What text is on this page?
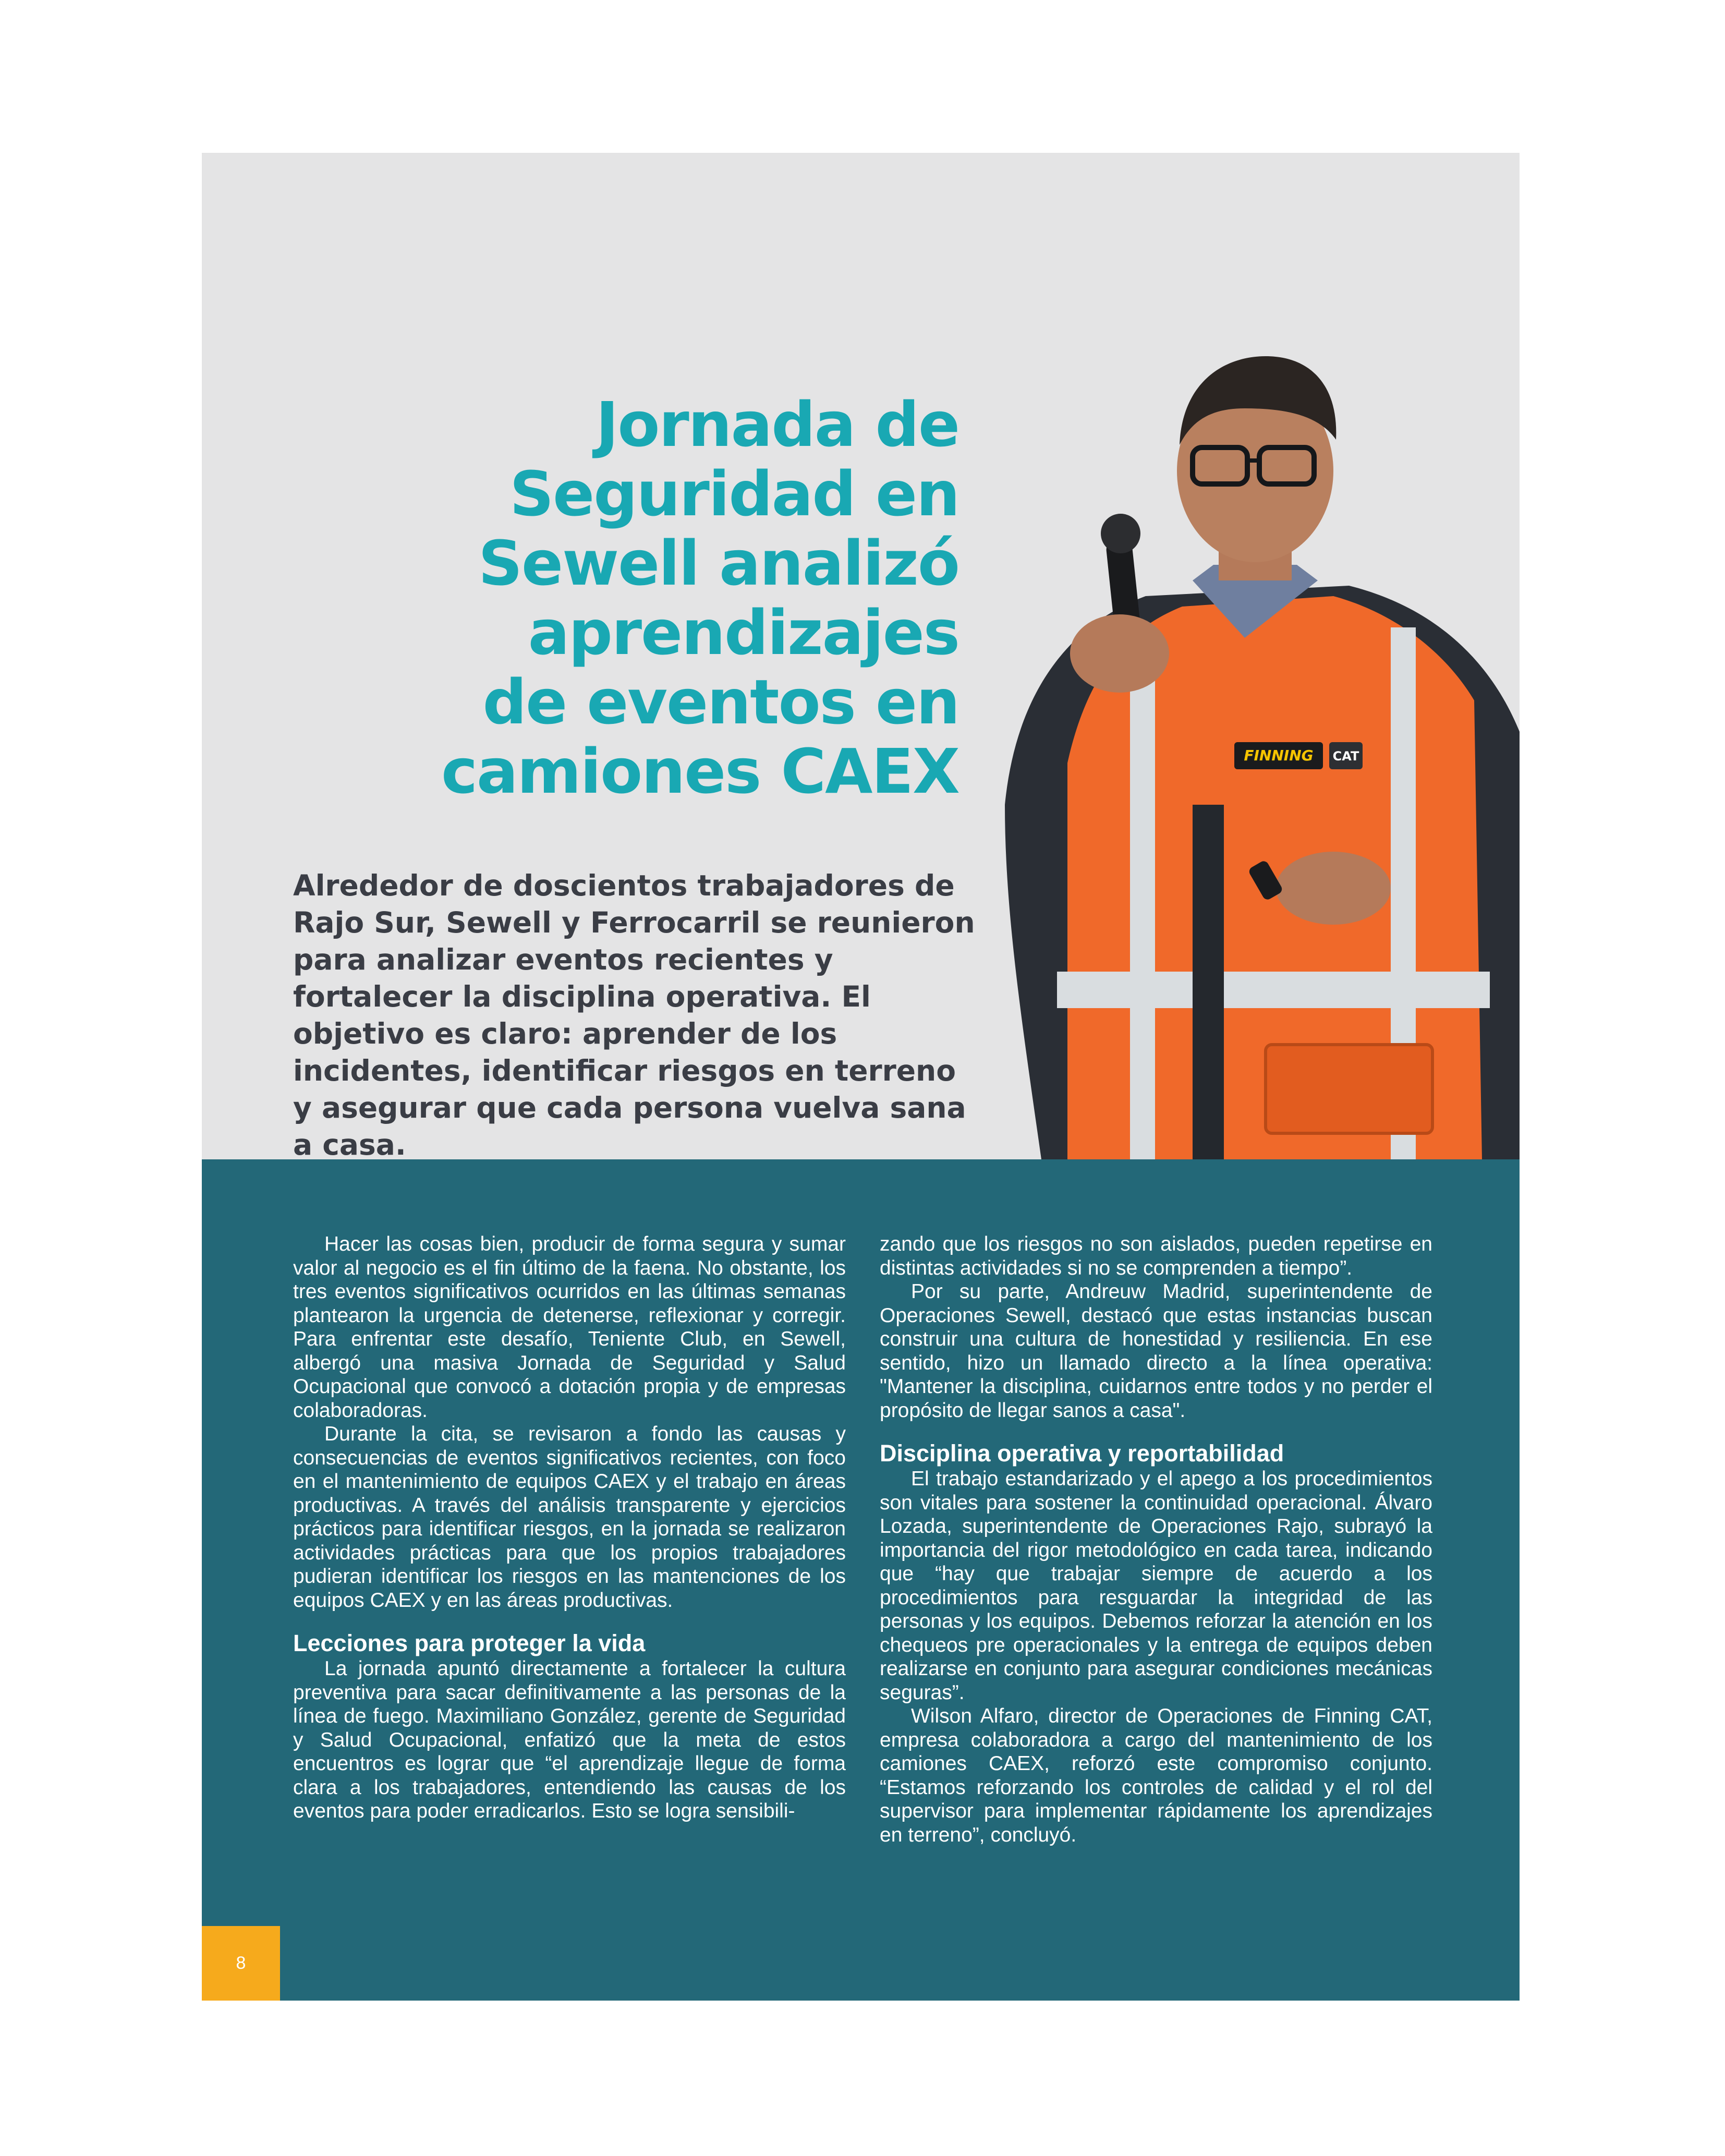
Jornada de
Seguridad en
Sewell analizó
aprendizajes
de eventos en
camiones CAEX

Alrededor de doscientos trabajadores de Rajo Sur, Sewell y Ferrocarril se reunieron para analizar eventos recientes y fortalecer la disciplina operativa. El objetivo es claro: aprender de los incidentes, identificar riesgos en terreno y asegurar que cada persona vuelva sana a casa.

FINNING CAT

Hacer las cosas bien, producir de forma segura y sumar valor al negocio es el fin último de la faena. No obstante, los tres eventos significativos ocurridos en las últimas semanas plantearon la urgencia de detenerse, reflexionar y corregir. Para enfrentar este desafío, Teniente Club, en Sewell, albergó una masiva Jornada de Seguridad y Salud Ocupacional que convocó a dotación propia y de empresas colaboradoras.

Durante la cita, se revisaron a fondo las causas y consecuencias de eventos significativos recientes, con foco en el mantenimiento de equipos CAEX y el trabajo en áreas productivas. A través del análisis transparente y ejercicios prácticos para identificar riesgos, en la jornada se realizaron actividades prácticas para que los propios trabajadores pudieran identificar los riesgos en las mantenciones de los equipos CAEX y en las áreas productivas.

Lecciones para proteger la vida

La jornada apuntó directamente a fortalecer la cultura preventiva para sacar definitivamente a las personas de la línea de fuego. Maximiliano González, gerente de Seguridad y Salud Ocupacional, enfatizó que la meta de estos encuentros es lograr que “el aprendizaje llegue de forma clara a los trabajadores, entendiendo las causas de los eventos para poder erradicarlos. Esto se logra sensibili-

zando que los riesgos no son aislados, pueden repetirse en distintas actividades si no se comprenden a tiempo”.

Por su parte, Andreuw Madrid, superintendente de Operaciones Sewell, destacó que estas instancias buscan construir una cultura de honestidad y resiliencia. En ese sentido, hizo un llamado directo a la línea operativa: "Mantener la disciplina, cuidarnos entre todos y no perder el propósito de llegar sanos a casa".

Disciplina operativa y reportabilidad

El trabajo estandarizado y el apego a los procedimientos son vitales para sostener la continuidad operacional. Álvaro Lozada, superintendente de Operaciones Rajo, subrayó la importancia del rigor metodológico en cada tarea, indicando que “hay que trabajar siempre de acuerdo a los procedimientos para resguardar la integridad de las personas y los equipos. Debemos reforzar la atención en los chequeos pre operacionales y la entrega de equipos deben realizarse en conjunto para asegurar condiciones mecánicas seguras”.

Wilson Alfaro, director de Operaciones de Finning CAT, empresa colaboradora a cargo del mantenimiento de los camiones CAEX, reforzó este compromiso conjunto. “Estamos reforzando los controles de calidad y el rol del supervisor para implementar rápidamente los aprendizajes en terreno”, concluyó.

8
